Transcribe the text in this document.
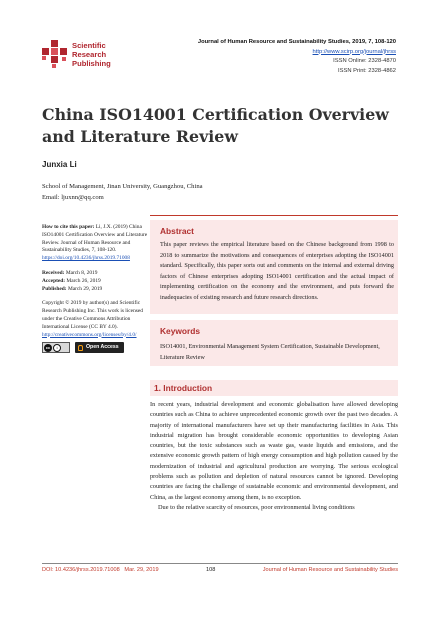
Scientific
Research
Publishing
Journal of Human Resource and Sustainability Studies, 2019, 7, 108-120
http://www.scirp.org/journal/jhrss
ISSN Online: 2328-4870
ISSN Print: 2328-4862
China ISO14001 Certification Overview and Literature Review
Junxia Li
School of Management, Jinan University, Guangzhou, China
Email: ljuxnn@qq.com
How to cite this paper: Li, J.X. (2019) China ISO14001 Certification Overview and Literature Review. Journal of Human Resource and Sustainability Studies, 7, 108-120.
https://doi.org/10.4236/jhrss.2019.71008
Received: March 8, 2019
Accepted: March 26, 2019
Published: March 29, 2019
Copyright © 2019 by author(s) and Scientific Research Publishing Inc. This work is licensed under the Creative Commons Attribution International License (CC BY 4.0).
http://creativecommons.org/licenses/by/4.0/
cc	i	Open Access
Abstract
This paper reviews the empirical literature based on the Chinese background from 1998 to 2018 to summarize the motivations and consequences of enterprises adopting the ISO14001 standard. Specifically, this paper sorts out and comments on the internal and external driving factors of Chinese enterprises adopting ISO14001 certification and the actual impact of implementing certification on the economy and the environment, and puts forward the inadequacies of existing research and future research directions.
Keywords
ISO14001, Environmental Management System Certification, Sustainable Development, Literature Review
1. Introduction

In recent years, industrial development and economic globalisation have allowed developing countries such as China to achieve unprecedented economic growth over the past two decades. A majority of international manufacturers have set up their manufacturing facilities in Asia. This industrial migration has brought considerable economic opportunities to developing Asian countries, but the toxic substances such as waste gas, waste liquids and emissions, and the extensive economic growth pattern of high energy consumption and high pollution caused by the modernization of industrial and agricultural production are worrying. The serious ecological problems such as pollution and depletion of natural resources cannot be ignored. Developing countries are facing the challenge of sustainable economic and environmental development, and China, as the largest economy among them, is no exception.

Due to the relative scarcity of resources, poor environmental living conditions

DOI: 10.4236/jhrss.2019.71008 Mar. 29, 2019	108	Journal of Human Resource and Sustainability Studies
